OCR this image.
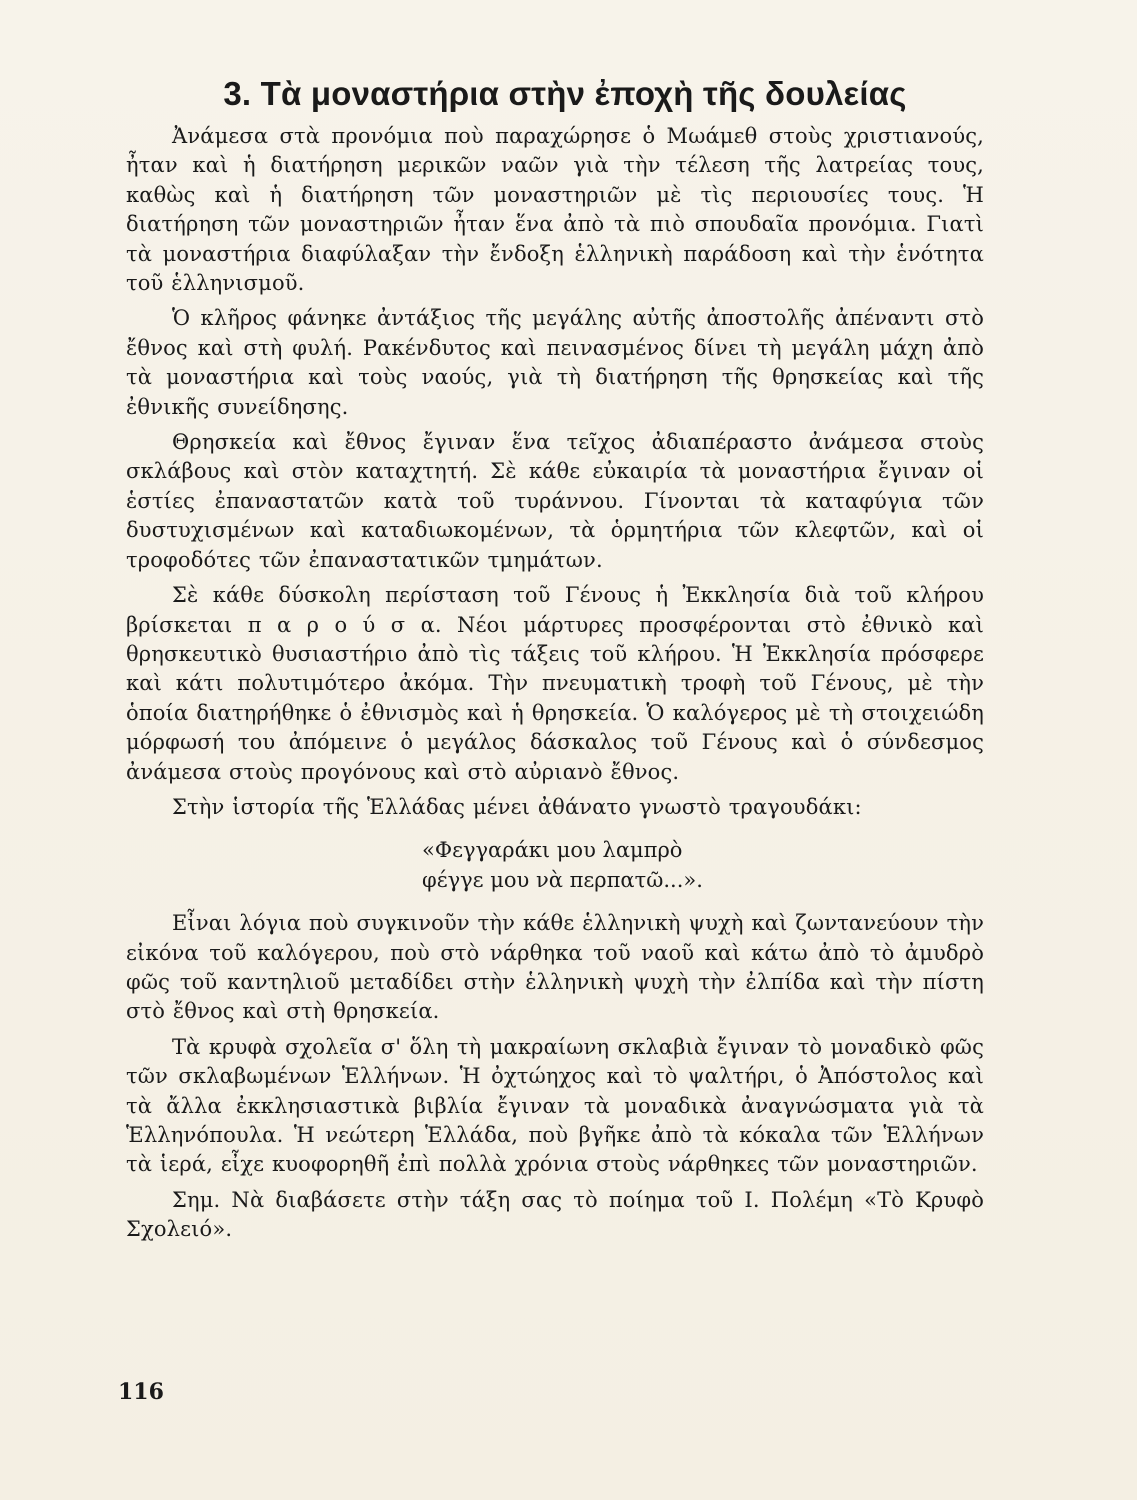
3. Τὰ μοναστήρια στὴν ἐποχὴ τῆς δουλείας

Ἀνάμεσα στὰ προνόμια ποὺ παραχώρησε ὁ Μωάμεθ στοὺς χριστιανούς, ἦταν καὶ ἡ διατήρηση μερικῶν ναῶν γιὰ τὴν τέλεση τῆς λατρείας τους, καθὼς καὶ ἡ διατήρηση τῶν μοναστηριῶν μὲ τὶς περιουσίες τους. Ἡ διατήρηση τῶν μοναστηριῶν ἦταν ἕνα ἀπὸ τὰ πιὸ σπουδαῖα προνόμια. Γιατὶ τὰ μοναστήρια διαφύλαξαν τὴν ἔνδοξη ἑλληνικὴ παράδοση καὶ τὴν ἑνότητα τοῦ ἑλληνισμοῦ.

Ὁ κλῆρος φάνηκε ἀντάξιος τῆς μεγάλης αὐτῆς ἀποστολῆς ἀπέναντι στὸ ἔθνος καὶ στὴ φυλή. Ρακένδυτος καὶ πεινασμένος δίνει τὴ μεγάλη μάχη ἀπὸ τὰ μοναστήρια καὶ τοὺς ναούς, γιὰ τὴ διατήρηση τῆς θρησκείας καὶ τῆς ἐθνικῆς συνείδησης.

Θρησκεία καὶ ἔθνος ἔγιναν ἕνα τεῖχος ἀδιαπέραστο ἀνάμεσα στοὺς σκλάβους καὶ στὸν καταχτητή. Σὲ κάθε εὐκαιρία τὰ μοναστήρια ἔγιναν οἱ ἑστίες ἐπαναστατῶν κατὰ τοῦ τυράννου. Γίνονται τὰ καταφύγια τῶν δυστυχισμένων καὶ καταδιωκομένων, τὰ ὁρμητήρια τῶν κλεφτῶν, καὶ οἱ τροφοδότες τῶν ἐπαναστατικῶν τμημάτων.

Σὲ κάθε δύσκολη περίσταση τοῦ Γένους ἡ Ἐκκλησία διὰ τοῦ κλήρου βρίσκεται π α ρ ο ύ σ α. Νέοι μάρτυρες προσφέρονται στὸ ἐθνικὸ καὶ θρησκευτικὸ θυσιαστήριο ἀπὸ τὶς τάξεις τοῦ κλήρου. Ἡ Ἐκκλησία πρόσφερε καὶ κάτι πολυτιμότερο ἀκόμα. Τὴν πνευματικὴ τροφὴ τοῦ Γένους, μὲ τὴν ὁποία διατηρήθηκε ὁ ἐθνισμὸς καὶ ἡ θρησκεία. Ὁ καλόγερος μὲ τὴ στοιχειώδη μόρφωσή του ἀπόμεινε ὁ μεγάλος δάσκαλος τοῦ Γένους καὶ ὁ σύνδεσμος ἀνάμεσα στοὺς προγόνους καὶ στὸ αὐριανὸ ἔθνος.

Στὴν ἱστορία τῆς Ἑλλάδας μένει ἀθάνατο γνωστὸ τραγουδάκι:

«Φεγγαράκι μου λαμπρὸ
φέγγε μου νὰ περπατῶ...».

Εἶναι λόγια ποὺ συγκινοῦν τὴν κάθε ἑλληνικὴ ψυχὴ καὶ ζωντανεύουν τὴν εἰκόνα τοῦ καλόγερου, ποὺ στὸ νάρθηκα τοῦ ναοῦ καὶ κάτω ἀπὸ τὸ ἀμυδρὸ φῶς τοῦ καντηλιοῦ μεταδίδει στὴν ἑλληνικὴ ψυχὴ τὴν ἐλπίδα καὶ τὴν πίστη στὸ ἔθνος καὶ στὴ θρησκεία.

Τὰ κρυφὰ σχολεῖα σ' ὅλη τὴ μακραίωνη σκλαβιὰ ἔγιναν τὸ μοναδικὸ φῶς τῶν σκλαβωμένων Ἑλλήνων. Ἡ ὀχτώηχος καὶ τὸ ψαλτήρι, ὁ Ἀπόστολος καὶ τὰ ἄλλα ἐκκλησιαστικὰ βιβλία ἔγιναν τὰ μοναδικὰ ἀναγνώσματα γιὰ τὰ Ἑλληνόπουλα. Ἡ νεώτερη Ἑλλάδα, ποὺ βγῆκε ἀπὸ τὰ κόκαλα τῶν Ἑλλήνων τὰ ἱερά, εἶχε κυοφορηθῆ ἐπὶ πολλὰ χρόνια στοὺς νάρθηκες τῶν μοναστηριῶν.

Σημ. Νὰ διαβάσετε στὴν τάξη σας τὸ ποίημα τοῦ Ι. Πολέμη «Τὸ Κρυφὸ Σχολειό».

116
